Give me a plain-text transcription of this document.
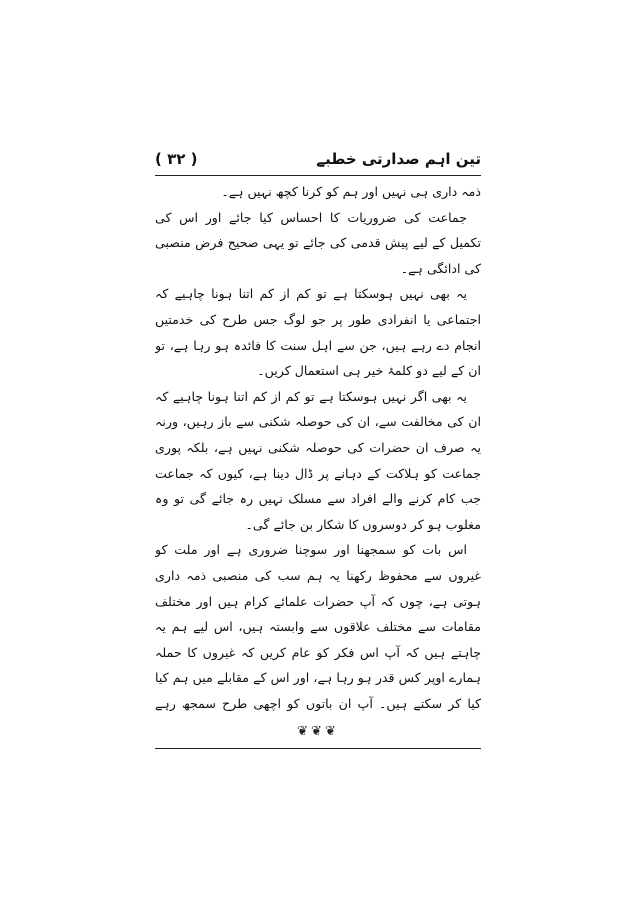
تین اہم صدارتی خطبے
( ۳۲ )

ذمہ داری ہی نہیں اور ہم کو کرنا کچھ نہیں ہے۔

جماعت کی ضروریات کا احساس کیا جائے اور اس کی تکمیل کے لیے پیش قدمی کی جائے تو یہی صحیح فرض منصبی کی ادائگی ہے۔

یہ بھی نہیں ہوسکتا ہے تو کم از کم اتنا ہونا چاہیے کہ اجتماعی یا انفرادی طور پر جو لوگ جس طرح کی خدمتیں انجام دے رہے ہیں، جن سے اہل سنت کا فائدہ ہو رہا ہے، تو ان کے لیے دو کلمۂ خیر ہی استعمال کریں۔

یہ بھی اگر نہیں ہوسکتا ہے تو کم از کم اتنا ہونا چاہیے کہ ان کی مخالفت سے، ان کی حوصلہ شکنی سے باز رہیں، ورنہ یہ صرف ان حضرات کی حوصلہ شکنی نہیں ہے، بلکہ پوری جماعت کو ہلاکت کے دہانے پر ڈال دینا ہے، کیوں کہ جماعت جب کام کرنے والے افراد سے مسلک نہیں رہ جائے گی تو وہ مغلوب ہو کر دوسروں کا شکار بن جائے گی۔

اس بات کو سمجھنا اور سوچنا ضروری ہے اور ملت کو غیروں سے محفوظ رکھنا یہ ہم سب کی منصبی ذمہ داری ہوتی ہے، چوں کہ آپ حضرات علمائے کرام ہیں اور مختلف مقامات سے مختلف علاقوں سے وابستہ ہیں، اس لیے ہم یہ چاہتے ہیں کہ آپ اس فکر کو عام کریں کہ غیروں کا حملہ ہمارے اوپر کس قدر ہو رہا ہے، اور اس کے مقابلے میں ہم کیا کیا کر سکتے ہیں۔ آپ ان باتوں کو اچھی طرح سمجھ رہے

❦❦❦
